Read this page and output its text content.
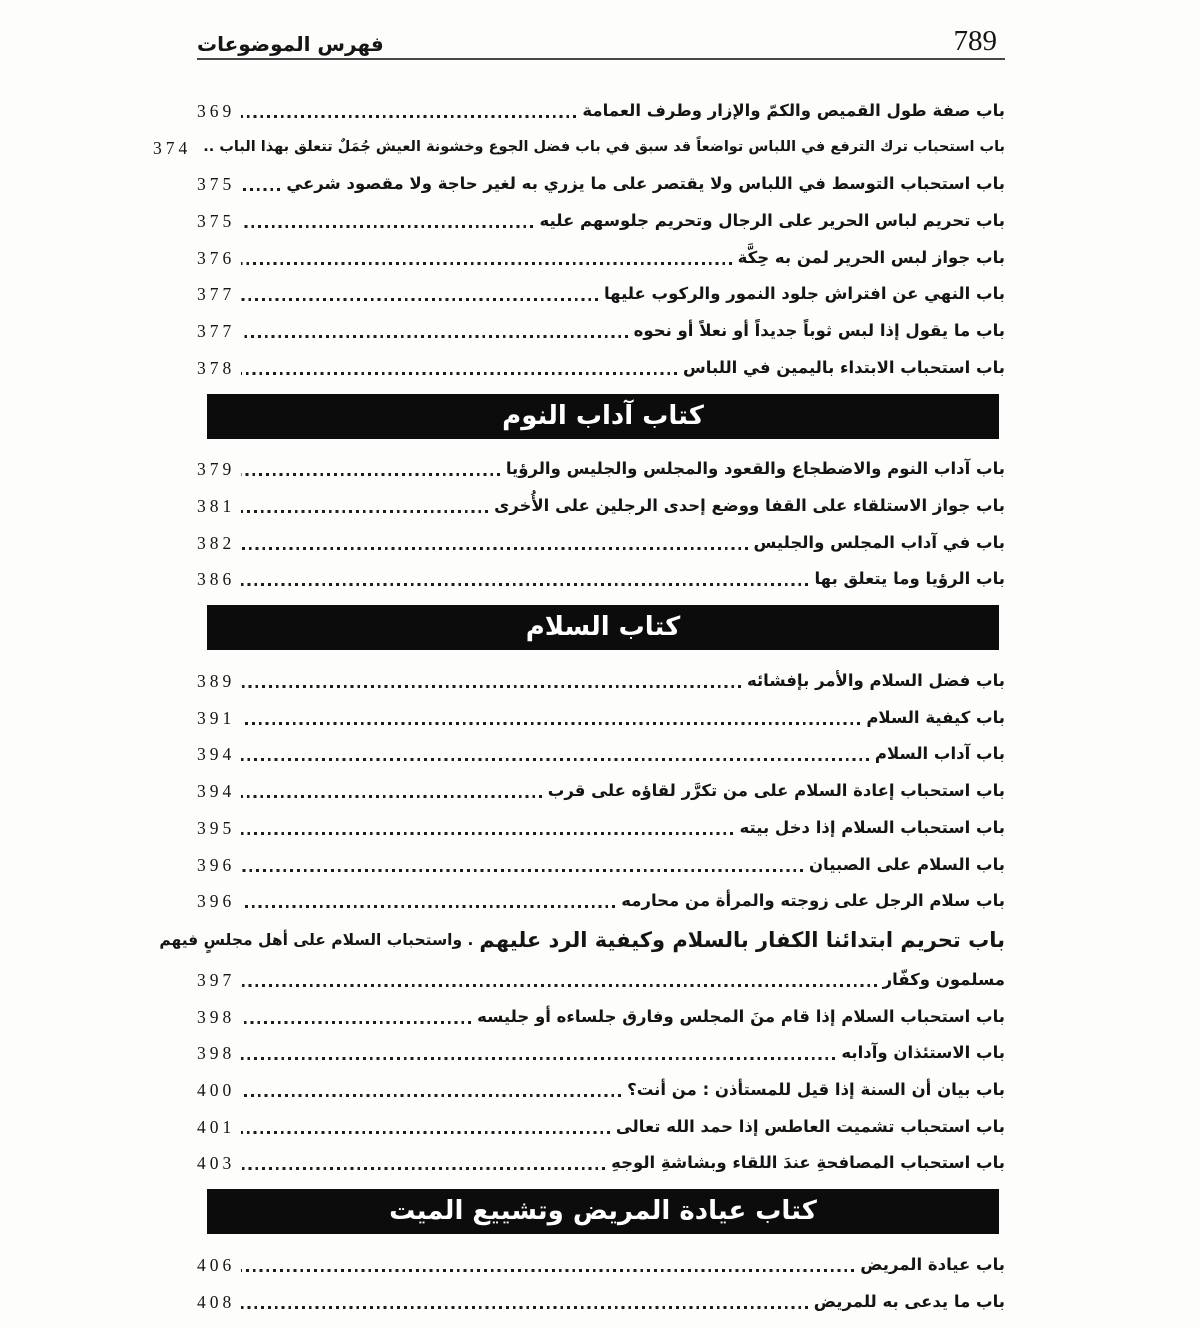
فهرس الموضوعات	789
باب صفة طول القميص والكمّ والإزار وطرف العمامة
369
باب استحباب ترك الترفع في اللباس تواضعاً قد سبق في باب فضل الجوع وخشونة العيش جُمَلٌ تتعلق بهذا الباب ..
374
باب استحباب التوسط في اللباس ولا يقتصر على ما يزري به لغير حاجة ولا مقصود شرعي
375
باب تحريم لباس الحرير على الرجال وتحريم جلوسهم عليه
375
باب جواز لبس الحرير لمن به حِكَّة
376
باب النهي عن افتراش جلود النمور والركوب عليها
377
باب ما يقول إذا لبس ثوباً جديداً أو نعلاً أو نحوه
377
باب استحباب الابتداء باليمين في اللباس
378
كتاب آداب النوم
باب آداب النوم والاضطجاع والقعود والمجلس والجليس والرؤيا
379
باب جواز الاستلقاء على القفا ووضع إحدى الرجلين على الأُخرى
381
باب في آداب المجلس والجليس
382
باب الرؤيا وما يتعلق بها
386
كتاب السلام
باب فضل السلام والأمر بإفشائه
389
باب كيفية السلام
391
باب آداب السلام
394
باب استحباب إعادة السلام على من تكرَّر لقاؤه على قرب
394
باب استحباب السلام إذا دخل بيته
395
باب السلام على الصبيان
396
باب سلام الرجل على زوجته والمرأة من محارمه
396
باب تحريم ابتدائنا الكفار بالسلام وكيفية الرد عليهم
. واستحباب السلام على أهل مجلسٍ فيهم
مسلمون وكفّار
397
باب استحباب السلام إذا قام منَ المجلس وفارق جلساءه أو جليسه
398
باب الاستئذان وآدابه
398
باب بيان أن السنة إذا قيل للمستأذن : من أنت؟
400
باب استحباب تشميت العاطس إذا حمد الله تعالى
401
باب استحباب المصافحةِ عندَ اللقاء وبشاشةِ الوجهِ
403
كتاب عيادة المريض وتشييع الميت
باب عيادة المريض
406
باب ما يدعى به للمريض
408
